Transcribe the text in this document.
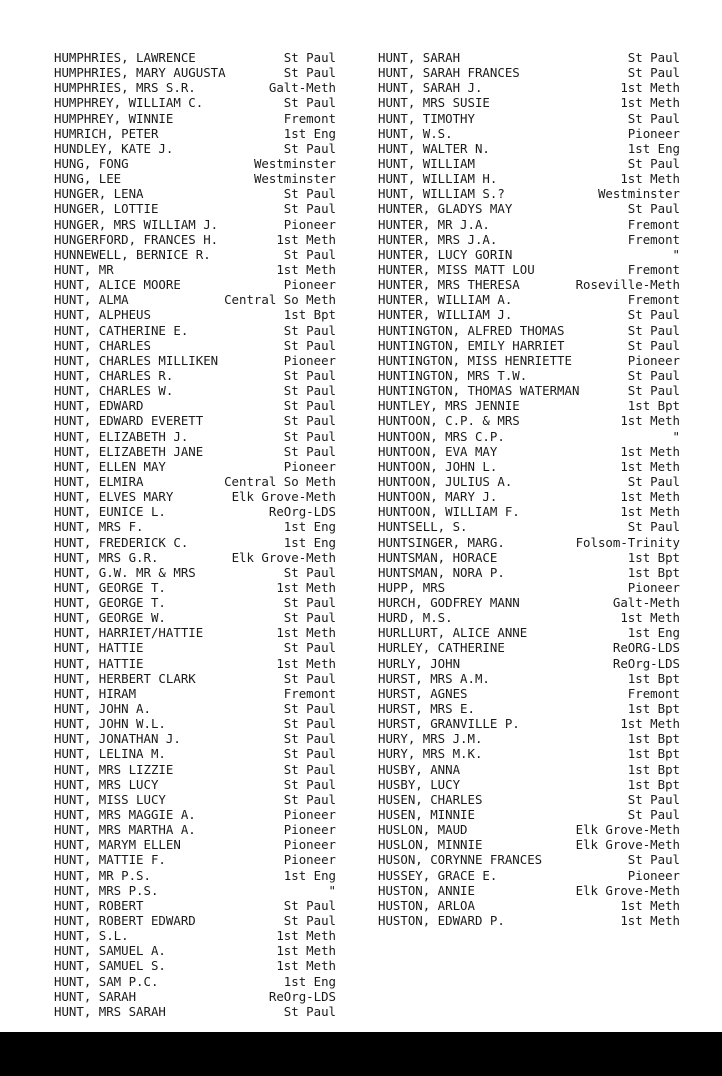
HUMPHRIES, LAWRENCE	St Paul
HUMPHRIES, MARY AUGUSTA	St Paul
HUMPHRIES, MRS S.R.	Galt-Meth
HUMPHREY, WILLIAM C.	St Paul
HUMPHREY, WINNIE	Fremont
HUMRICH, PETER	1st Eng
HUNDLEY, KATE J.	St Paul
HUNG, FONG	Westminster
HUNG, LEE	Westminster
HUNGER, LENA	St Paul
HUNGER, LOTTIE	St Paul
HUNGER, MRS WILLIAM J.	Pioneer
HUNGERFORD, FRANCES H.	1st Meth
HUNNEWELL, BERNICE R.	St Paul
HUNT, MR	1st Meth
HUNT, ALICE MOORE	Pioneer
HUNT, ALMA	Central So Meth
HUNT, ALPHEUS	1st Bpt
HUNT, CATHERINE E.	St Paul
HUNT, CHARLES	St Paul
HUNT, CHARLES MILLIKEN	Pioneer
HUNT, CHARLES R.	St Paul
HUNT, CHARLES W.	St Paul
HUNT, EDWARD	St Paul
HUNT, EDWARD EVERETT	St Paul
HUNT, ELIZABETH J.	St Paul
HUNT, ELIZABETH JANE	St Paul
HUNT, ELLEN MAY	Pioneer
HUNT, ELMIRA	Central So Meth
HUNT, ELVES MARY	Elk Grove-Meth
HUNT, EUNICE L.	ReOrg-LDS
HUNT, MRS F.	1st Eng
HUNT, FREDERICK C.	1st Eng
HUNT, MRS G.R.	Elk Grove-Meth
HUNT, G.W. MR & MRS	St Paul
HUNT, GEORGE T.	1st Meth
HUNT, GEORGE T.	St Paul
HUNT, GEORGE W.	St Paul
HUNT, HARRIET/HATTIE	1st Meth
HUNT, HATTIE	St Paul
HUNT, HATTIE	1st Meth
HUNT, HERBERT CLARK	St Paul
HUNT, HIRAM	Fremont
HUNT, JOHN A.	St Paul
HUNT, JOHN W.L.	St Paul
HUNT, JONATHAN J.	St Paul
HUNT, LELINA M.	St Paul
HUNT, MRS LIZZIE	St Paul
HUNT, MRS LUCY	St Paul
HUNT, MISS LUCY	St Paul
HUNT, MRS MAGGIE A.	Pioneer
HUNT, MRS MARTHA A.	Pioneer
HUNT, MARYM ELLEN	Pioneer
HUNT, MATTIE F.	Pioneer
HUNT, MR P.S.	1st Eng
HUNT, MRS P.S.	"
HUNT, ROBERT	St Paul
HUNT, ROBERT EDWARD	St Paul
HUNT, S.L.	1st Meth
HUNT, SAMUEL A.	1st Meth
HUNT, SAMUEL S.	1st Meth
HUNT, SAM P.C.	1st Eng
HUNT, SARAH	ReOrg-LDS
HUNT, MRS SARAH	St Paul
HUNT, SARAH	St Paul
HUNT, SARAH FRANCES	St Paul
HUNT, SARAH J.	1st Meth
HUNT, MRS SUSIE	1st Meth
HUNT, TIMOTHY	St Paul
HUNT, W.S.	Pioneer
HUNT, WALTER N.	1st Eng
HUNT, WILLIAM	St Paul
HUNT, WILLIAM H.	1st Meth
HUNT, WILLIAM S.?	Westminster
HUNTER, GLADYS MAY	St Paul
HUNTER, MR J.A.	Fremont
HUNTER, MRS J.A.	Fremont
HUNTER, LUCY GORIN	"
HUNTER, MISS MATT LOU	Fremont
HUNTER, MRS THERESA	Roseville-Meth
HUNTER, WILLIAM A.	Fremont
HUNTER, WILLIAM J.	St Paul
HUNTINGTON, ALFRED THOMAS	St Paul
HUNTINGTON, EMILY HARRIET	St Paul
HUNTINGTON, MISS HENRIETTE	Pioneer
HUNTINGTON, MRS T.W.	St Paul
HUNTINGTON, THOMAS WATERMAN	St Paul
HUNTLEY, MRS JENNIE	1st Bpt
HUNTOON, C.P. & MRS	1st Meth
HUNTOON, MRS C.P.	"
HUNTOON, EVA MAY	1st Meth
HUNTOON, JOHN L.	1st Meth
HUNTOON, JULIUS A.	St Paul
HUNTOON, MARY J.	1st Meth
HUNTOON, WILLIAM F.	1st Meth
HUNTSELL, S.	St Paul
HUNTSINGER, MARG.	Folsom-Trinity
HUNTSMAN, HORACE	1st Bpt
HUNTSMAN, NORA P.	1st Bpt
HUPP, MRS	Pioneer
HURCH, GODFREY MANN	Galt-Meth
HURD, M.S.	1st Meth
HURLLURT, ALICE ANNE	1st Eng
HURLEY, CATHERINE	ReORG-LDS
HURLY, JOHN	ReOrg-LDS
HURST, MRS A.M.	1st Bpt
HURST, AGNES	Fremont
HURST, MRS E.	1st Bpt
HURST, GRANVILLE P.	1st Meth
HURY, MRS J.M.	1st Bpt
HURY, MRS M.K.	1st Bpt
HUSBY, ANNA	1st Bpt
HUSBY, LUCY	1st Bpt
HUSEN, CHARLES	St Paul
HUSEN, MINNIE	St Paul
HUSLON, MAUD	Elk Grove-Meth
HUSLON, MINNIE	Elk Grove-Meth
HUSON, CORYNNE FRANCES	St Paul
HUSSEY, GRACE E.	Pioneer
HUSTON, ANNIE	Elk Grove-Meth
HUSTON, ARLOA	1st Meth
HUSTON, EDWARD P.	1st Meth
